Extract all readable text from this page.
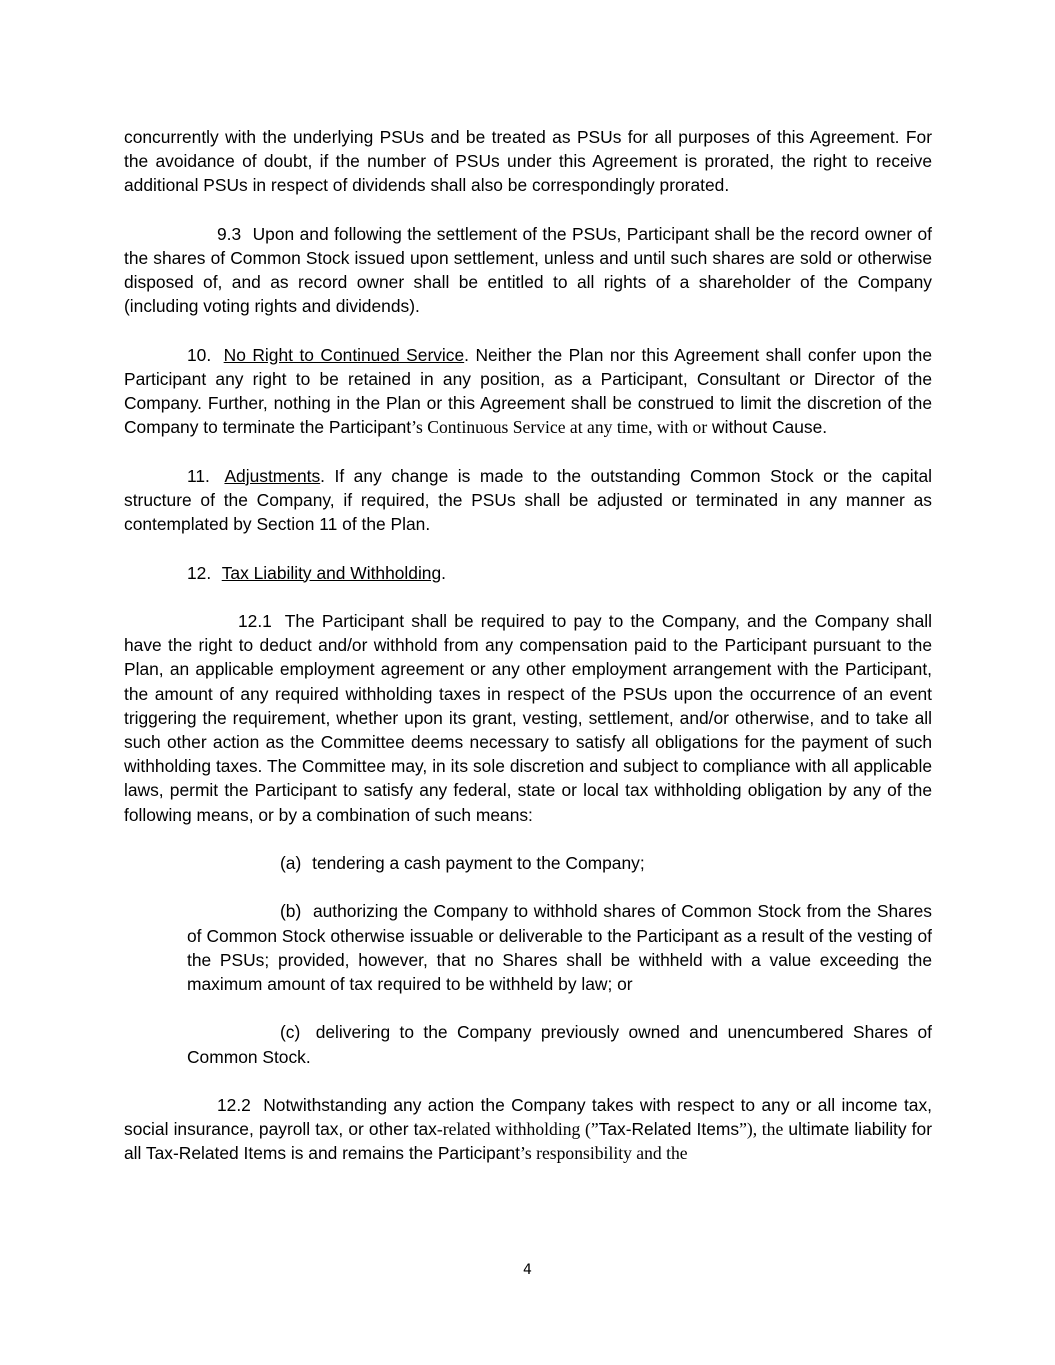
concurrently with the underlying PSUs and be treated as PSUs for all purposes of this Agreement. For the avoidance of doubt, if the number of PSUs under this Agreement is prorated, the right to receive additional PSUs in respect of dividends shall also be correspondingly prorated.

9.3 Upon and following the settlement of the PSUs, Participant shall be the record owner of the shares of Common Stock issued upon settlement, unless and until such shares are sold or otherwise disposed of, and as record owner shall be entitled to all rights of a shareholder of the Company (including voting rights and dividends).

10. No Right to Continued Service. Neither the Plan nor this Agreement shall confer upon the Participant any right to be retained in any position, as a Participant, Consultant or Director of the Company. Further, nothing in the Plan or this Agreement shall be construed to limit the discretion of the Company to terminate the Participant’s Continuous Service at any time, with or without Cause.

11. Adjustments. If any change is made to the outstanding Common Stock or the capital structure of the Company, if required, the PSUs shall be adjusted or terminated in any manner as contemplated by Section 11 of the Plan.

12. Tax Liability and Withholding.

12.1 The Participant shall be required to pay to the Company, and the Company shall have the right to deduct and/or withhold from any compensation paid to the Participant pursuant to the Plan, an applicable employment agreement or any other employment arrangement with the Participant, the amount of any required withholding taxes in respect of the PSUs upon the occurrence of an event triggering the requirement, whether upon its grant, vesting, settlement, and/or otherwise, and to take all such other action as the Committee deems necessary to satisfy all obligations for the payment of such withholding taxes. The Committee may, in its sole discretion and subject to compliance with all applicable laws, permit the Participant to satisfy any federal, state or local tax withholding obligation by any of the following means, or by a combination of such means:

(a) tendering a cash payment to the Company;

(b) authorizing the Company to withhold shares of Common Stock from the Shares of Common Stock otherwise issuable or deliverable to the Participant as a result of the vesting of the PSUs; provided, however, that no Shares shall be withheld with a value exceeding the maximum amount of tax required to be withheld by law; or

(c) delivering to the Company previously owned and unencumbered Shares of Common Stock.

12.2 Notwithstanding any action the Company takes with respect to any or all income tax, social insurance, payroll tax, or other tax-related withholding (”Tax-Related Items”), the ultimate liability for all Tax-Related Items is and remains the Participant’s responsibility and the

4
